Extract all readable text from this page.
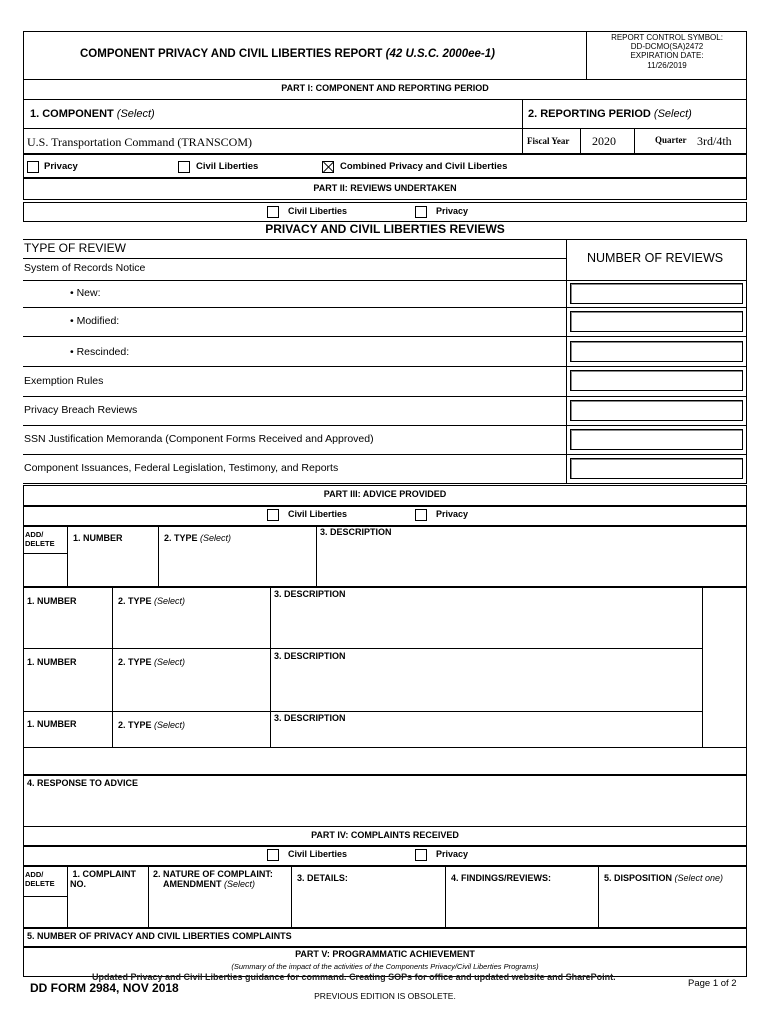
COMPONENT PRIVACY AND CIVIL LIBERTIES REPORT (42 U.S.C. 2000ee-1)
REPORT CONTROL SYMBOL:
DD-DCMO(SA)2472
EXPIRATION DATE:
11/26/2019
PART I: COMPONENT AND REPORTING PERIOD
1. COMPONENT (Select)
U.S. Transportation Command (TRANSCOM)
2. REPORTING PERIOD (Select)
Fiscal Year 2020	Quarter 3rd/4th
Privacy	Civil Liberties	Combined Privacy and Civil Liberties
PART II: REVIEWS UNDERTAKEN
Civil Liberties	Privacy
PRIVACY AND CIVIL LIBERTIES REVIEWS
TYPE OF REVIEW
NUMBER OF REVIEWS
System of Records Notice
• New:
• Modified:
• Rescinded:
Exemption Rules
Privacy Breach Reviews
SSN Justification Memoranda (Component Forms Received and Approved)
Component Issuances, Federal Legislation, Testimony, and Reports
PART III: ADVICE PROVIDED
Civil Liberties	Privacy
ADD/
DELETE
1. NUMBER	2. TYPE (Select)
3. DESCRIPTION
1. NUMBER	2. TYPE (Select)
3. DESCRIPTION
1. NUMBER	2. TYPE (Select)
3. DESCRIPTION
1. NUMBER	2. TYPE (Select)
3. DESCRIPTION
4. RESPONSE TO ADVICE
PART IV: COMPLAINTS RECEIVED
Civil Liberties	Privacy
ADD/
DELETE
1. COMPLAINT
NO.
2. NATURE OF COMPLAINT:
AMENDMENT (Select)
3. DETAILS:	4. FINDINGS/REVIEWS:	5. DISPOSITION (Select one)
5. NUMBER OF PRIVACY AND CIVIL LIBERTIES COMPLAINTS
PART V: PROGRAMMATIC ACHIEVEMENT
(Summary of the impact of the activities of the Components Privacy/Civil Liberties Programs)
Updated Privacy and Civil Liberties guidance for command. Creating SOPs for office and updated website and SharePoint.
DD FORM 2984, NOV 2018
PREVIOUS EDITION IS OBSOLETE.
Page 1 of 2
